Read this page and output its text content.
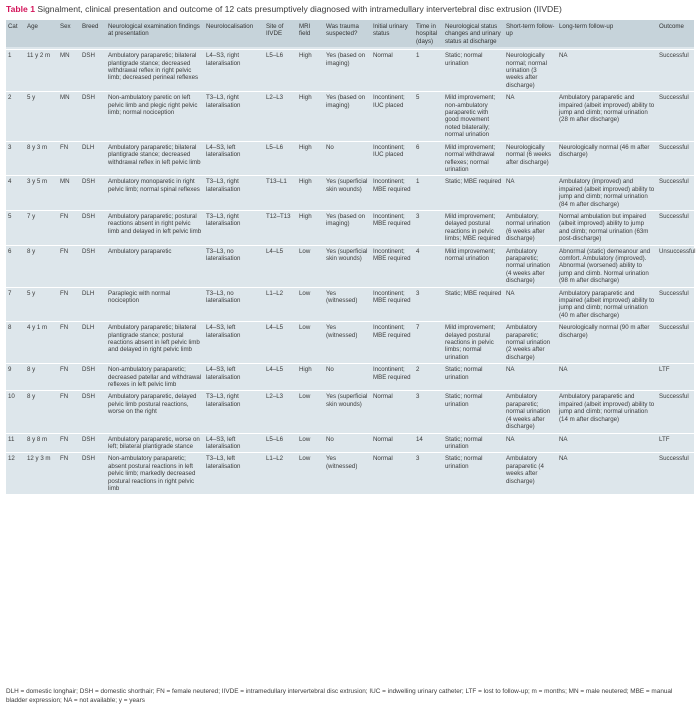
Table 1 Signalment, clinical presentation and outcome of 12 cats presumptively diagnosed with intramedullary intervertebral disc extrusion (IIVDE)
Cat	Age	Sex	Breed	Neurological examination findings at presentation	Neurolocalisation	Site of IIVDE	MRI field	Was trauma suspected?	Initial urinary status	Time in hospital (days)	Neurological status changes and urinary status at discharge	Short-term follow-up	Long-term follow-up	Outcome

1	11 y 2 m	MN	DSH	Ambulatory paraparetic; bilateral plantigrade stance; decreased withdrawal reflex in right pelvic limb; decreased perineal reflexes	L4–S3, right lateralisation	L5–L6	High	Yes (based on imaging)	Normal	1	Static; normal urination	Neurologically normal; normal urination (3 weeks after discharge)	NA	Successful
2	5 y	MN	DSH	Non-ambulatory paretic on left pelvic limb and plegic right pelvic limb; normal nociception	T3–L3, right lateralisation	L2–L3	High	Yes (based on imaging)	Incontinent; IUC placed	5	Mild improvement; non-ambulatory paraparetic with good movement noted bilaterally; normal urination	NA	Ambulatory paraparetic and impaired (albeit improved) ability to jump and climb; normal urination (28 m after discharge)	Successful
3	8 y 3 m	FN	DLH	Ambulatory paraparetic; bilateral plantigrade stance; decreased withdrawal reflex in left pelvic limb	L4–S3, left lateralisation	L5–L6	High	No	Incontinent; IUC placed	6	Mild improvement; normal withdrawal reflexes; normal urination	Neurologically normal (6 weeks after discharge)	Neurologically normal (46 m after discharge)	Successful
4	3 y 5 m	MN	DSH	Ambulatory monoparetic in right pelvic limb; normal spinal reflexes	T3–L3, right lateralisation	T13–L1	High	Yes (superficial skin wounds)	Incontinent; MBE required	1	Static; MBE required	NA	Ambulatory (improved) and impaired (albeit improved) ability to jump and climb; normal urination (84 m after discharge)	Successful
5	7 y	FN	DSH	Ambulatory paraparetic; postural reactions absent in right pelvic limb and delayed in left pelvic limb	T3–L3, right lateralisation	T12–T13	High	Yes (based on imaging)	Incontinent; MBE required	3	Mild improvement; delayed postural reactions in pelvic limbs; MBE required	Ambulatory; normal urination (6 weeks after discharge)	Normal ambulation but impaired (albeit improved) ability to jump and climb; normal urination (63m post-discharge)	Successful
6	8 y	FN	DSH	Ambulatory paraparetic	T3–L3, no lateralisation	L4–L5	Low	Yes (superficial skin wounds)	Incontinent; MBE required	4	Mild improvement; normal urination	Ambulatory paraparetic; normal urination (4 weeks after discharge)	Abnormal (static) demeanour and comfort. Ambulatory (improved). Abnormal (worsened) ability to jump and climb. Normal urination (98 m after discharge)	Unsuccessful
7	5 y	FN	DLH	Paraplegic with normal nociception	T3–L3, no lateralisation	L1–L2	Low	Yes (witnessed)	Incontinent; MBE required	3	Static; MBE required	NA	Ambulatory paraparetic and impaired (albeit improved) ability to jump and climb; normal urination (40 m after discharge)	Successful
8	4 y 1 m	FN	DLH	Ambulatory paraparetic; bilateral plantigrade stance; postural reactions absent in left pelvic limb and delayed in right pelvic limb	L4–S3, left lateralisation	L4–L5	Low	Yes (witnessed)	Incontinent; MBE required	7	Mild improvement; delayed postural reactions in pelvic limbs; normal urination	Ambulatory paraparetic; normal urination (2 weeks after discharge)	Neurologically normal (90 m after discharge)	Successful
9	8 y	FN	DSH	Non-ambulatory paraparetic; decreased patellar and withdrawal reflexes in left pelvic limb	L4–S3, left lateralisation	L4–L5	High	No	Incontinent; MBE required	2	Static; normal urination	NA	NA	LTF
10	8 y	FN	DSH	Ambulatory paraparetic, delayed pelvic limb postural reactions, worse on the right	T3–L3, right lateralisation	L2–L3	Low	Yes (superficial skin wounds)	Normal	3	Static; normal urination	Ambulatory paraparetic; normal urination (4 weeks after discharge)	Ambulatory paraparetic and impaired (albeit improved) ability to jump and climb; normal urination (14 m after discharge)	Successful
11	8 y 8 m	FN	DSH	Ambulatory paraparetic, worse on left; bilateral plantigrade stance	L4–S3, left lateralisation	L5–L6	Low	No	Normal	14	Static; normal urination	NA	NA	LTF
12	12 y 3 m	FN	DSH	Non-ambulatory paraparetic; absent postural reactions in left pelvic limb; markedly decreased postural reactions in right pelvic limb	T3–L3, left lateralisation	L1–L2	Low	Yes (witnessed)	Normal	3	Static; normal urination	Ambulatory paraparetic (4 weeks after discharge)	NA	Successful
DLH = domestic longhair; DSH = domestic shorthair; FN = female neutered; IIVDE = intramedullary intervertebral disc extrusion; IUC = indwelling urinary catheter; LTF = lost to follow-up; m = months; MN = male neutered; MBE = manual bladder expression; NA = not available; y = years
